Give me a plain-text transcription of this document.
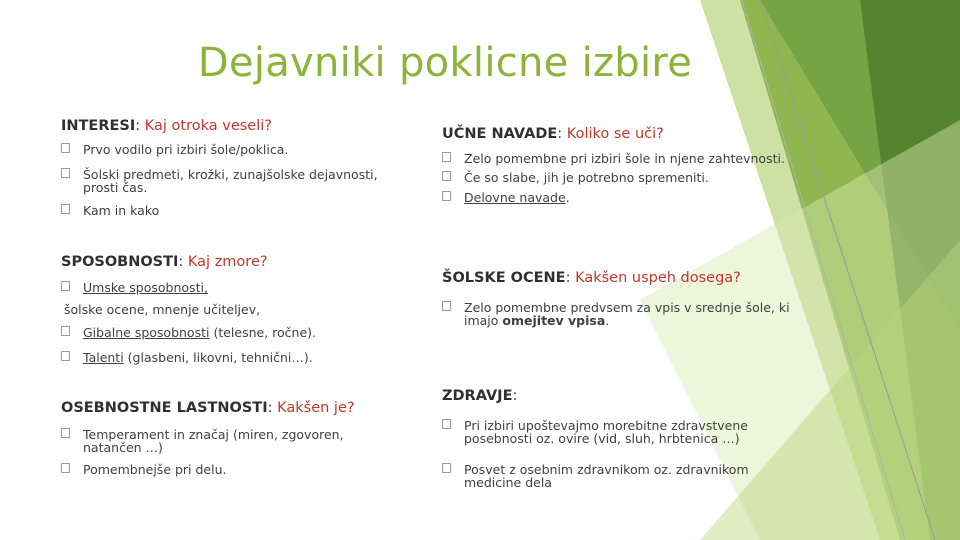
Dejavniki poklicne izbire
INTERESI: Kaj otroka veseli?
Prvo vodilo pri izbiri šole/poklica.
Šolski predmeti, krožki, zunajšolske dejavnosti, prosti čas.
Kam in kako
SPOSOBNOSTI: Kaj zmore?
Umske sposobnosti,
šolske ocene, mnenje učiteljev,
Gibalne sposobnosti (telesne, ročne).
Talenti (glasbeni, likovni, tehnični…).
OSEBNOSTNE LASTNOSTI: Kakšen je?
Temperament in značaj (miren, zgovoren, natančen …)
Pomembnejše pri delu.
UČNE NAVADE: Koliko se uči?
Zelo pomembne pri izbiri šole in njene zahtevnosti.
Če so slabe, jih je potrebno spremeniti.
Delovne navade.
ŠOLSKE OCENE: Kakšen uspeh dosega?
Zelo pomembne predvsem za vpis v srednje šole, ki imajo omejitev vpisa.
ZDRAVJE:
Pri izbiri upoštevajmo morebitne zdravstvene posebnosti oz. ovire (vid, sluh, hrbtenica …)
Posvet z osebnim zdravnikom oz. zdravnikom medicine dela
